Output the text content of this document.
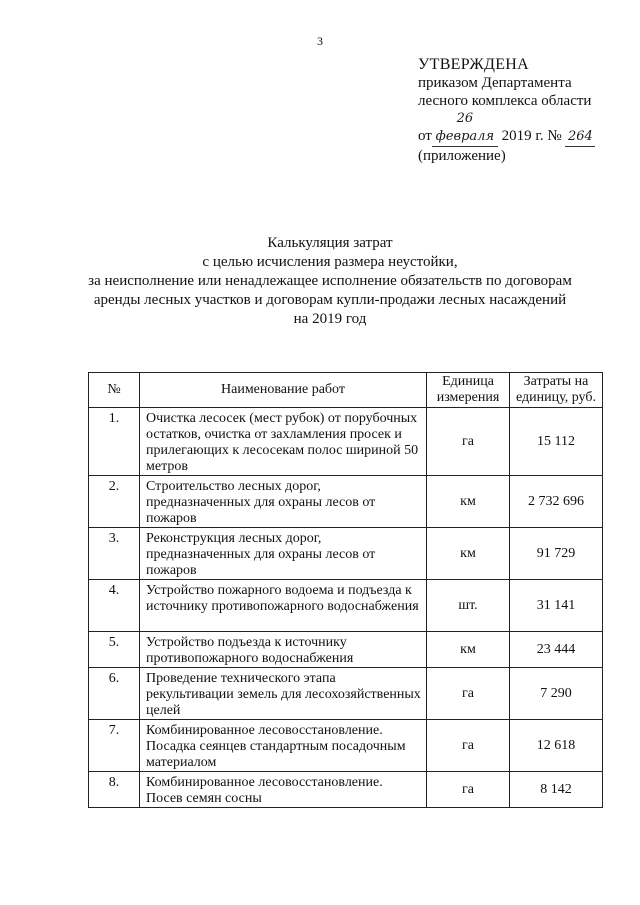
3
УТВЕРЖДЕНА
приказом Департамента
лесного комплекса области
от26 февраля 2019 г. № 264
(приложение)
Калькуляция затрат
с целью исчисления размера неустойки,
за неисполнение или ненадлежащее исполнение обязательств по договорам
аренды лесных участков и договорам купли-продажи лесных насаждений
на 2019 год
№	Наименование работ	Единица измерения	Затраты на единицу, руб.
1.	Очистка лесосек (мест рубок) от порубочных остатков, очистка от захламления просек и прилегающих к лесосекам полос шириной 50 метров	га	15 112
2.	Строительство лесных дорог, предназначенных для охраны лесов от пожаров	км	2 732 696
3.	Реконструкция лесных дорог, предназначенных для охраны лесов от пожаров	км	91 729
4.	Устройство пожарного водоема и подъезда к источнику противопожарного водоснабжения	шт.	31 141
5.	Устройство подъезда к источнику противопожарного водоснабжения	км	23 444
6.	Проведение технического этапа рекультивации земель для лесохозяйственных целей	га	7 290
7.	Комбинированное лесовосстановление. Посадка сеянцев стандартным посадочным материалом	га	12 618
8.	Комбинированное лесовосстановление. Посев семян сосны	га	8 142
